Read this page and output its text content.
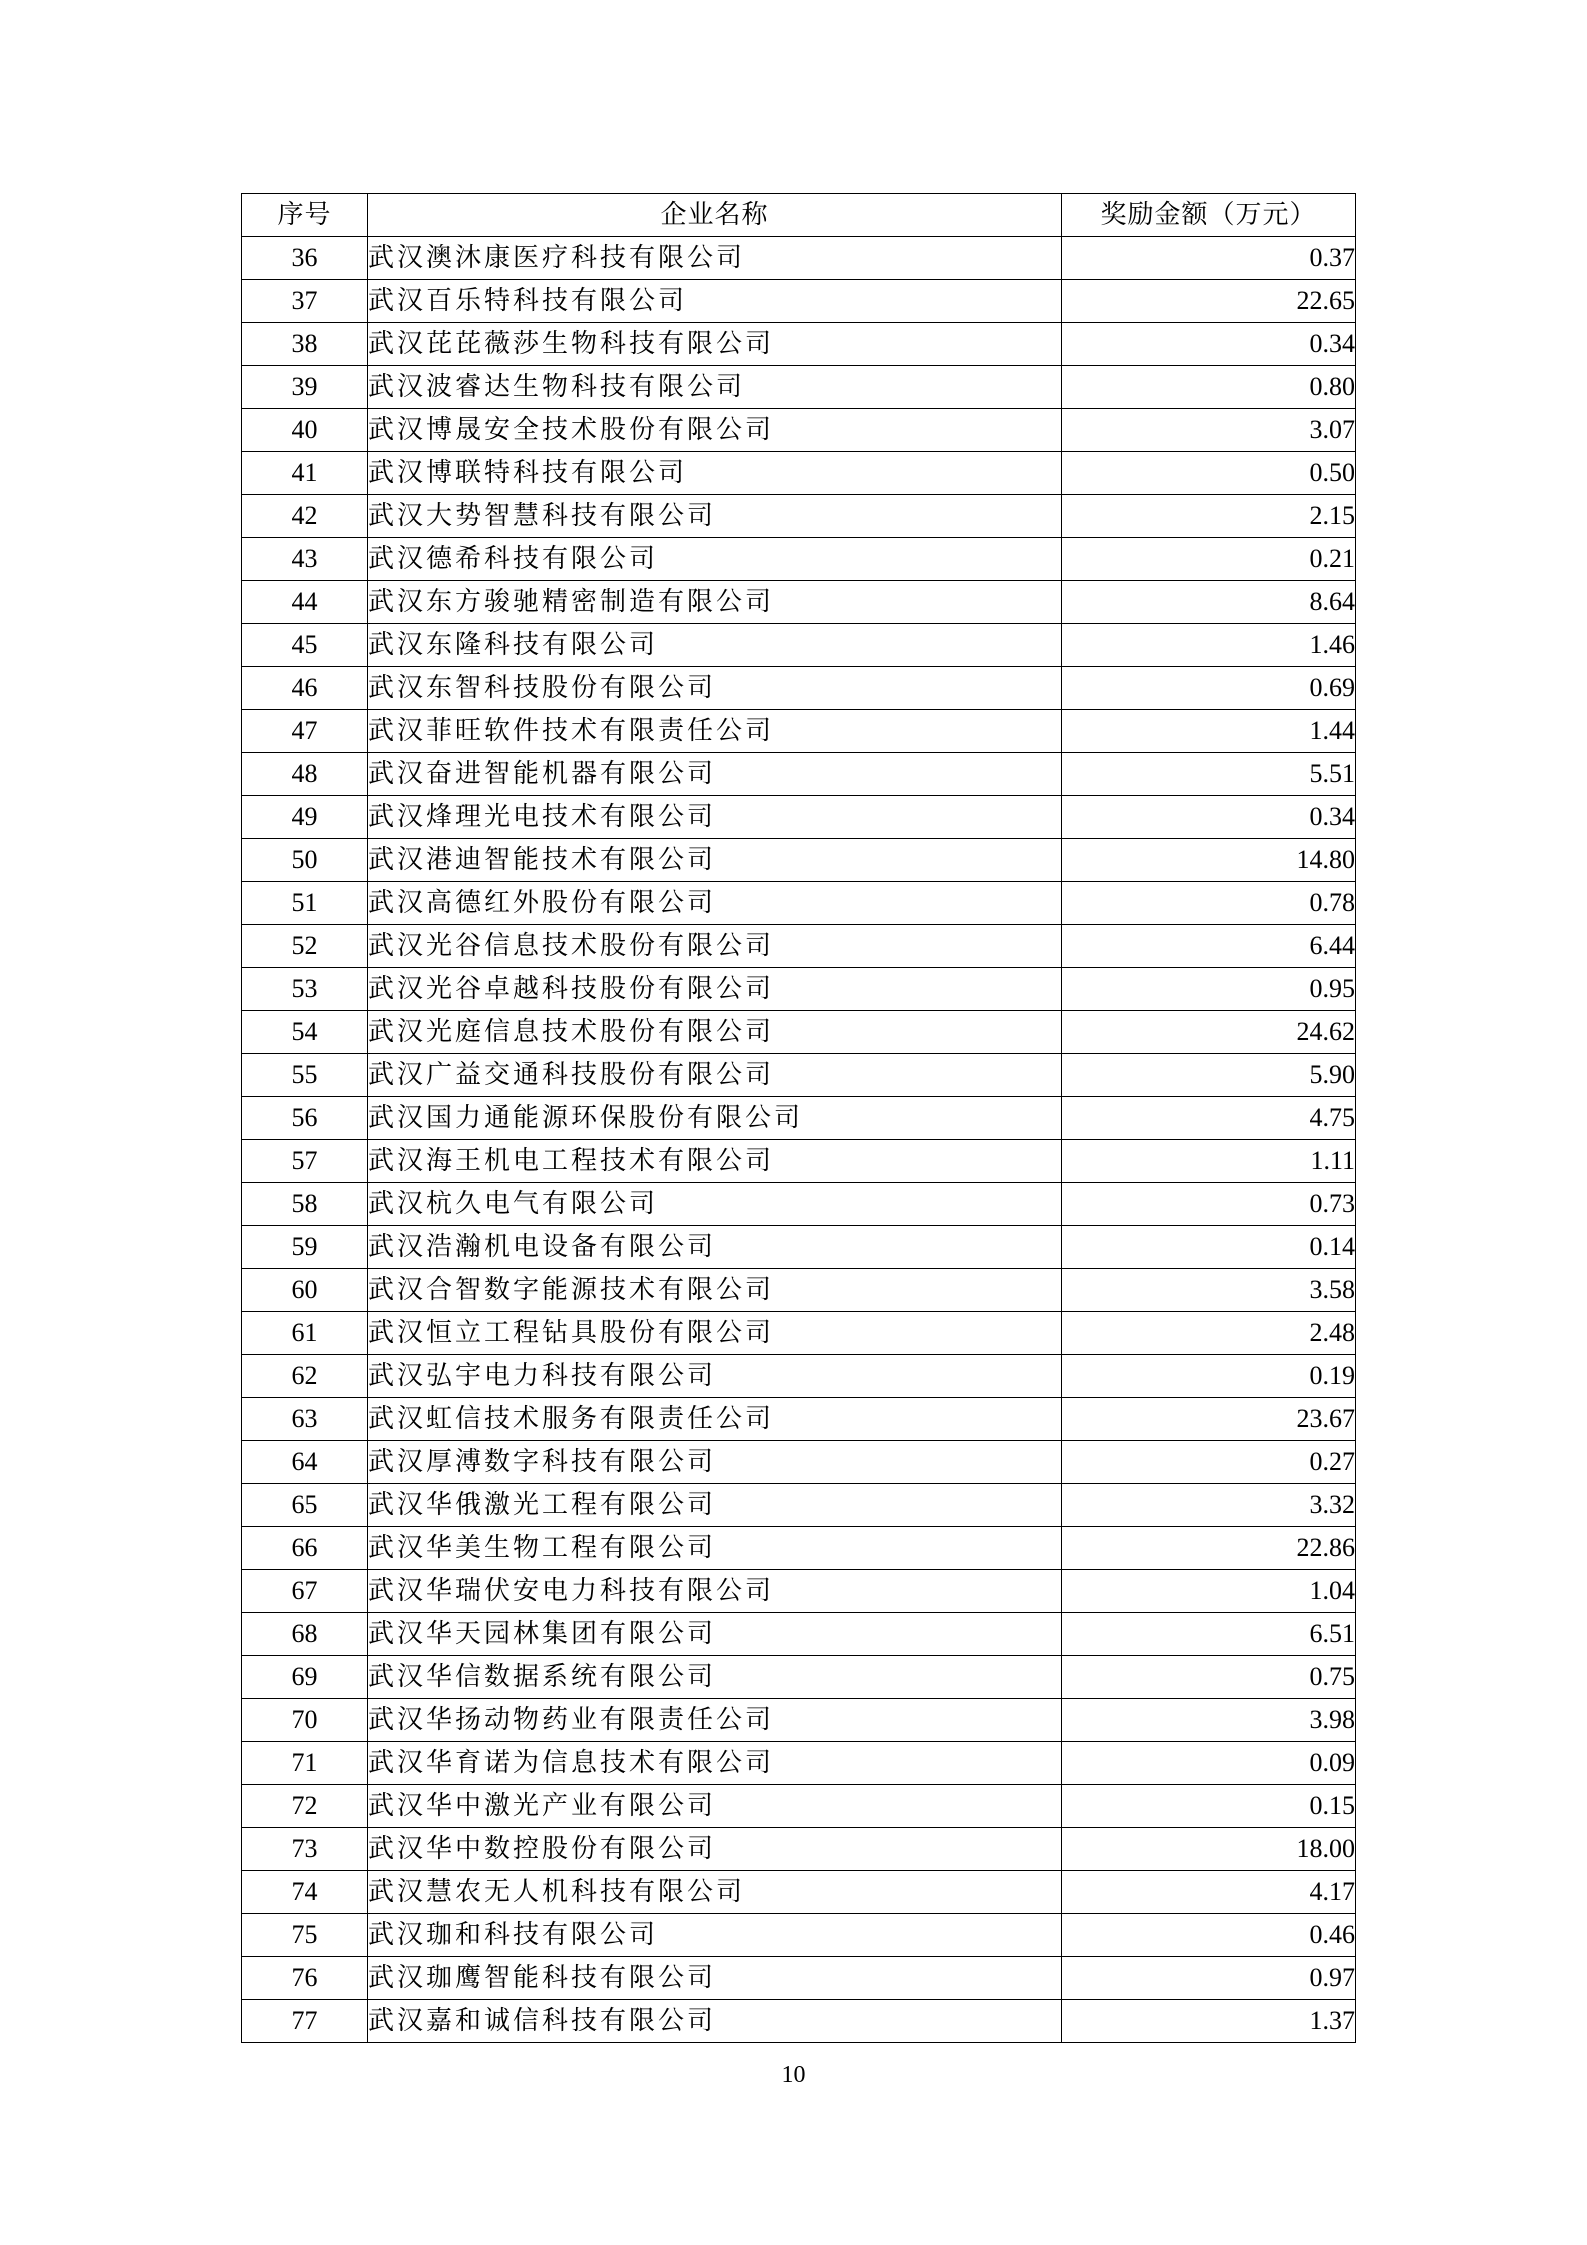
序号	企业名称	奖励金额（万元）
36	武汉澳沐康医疗科技有限公司	0.37
37	武汉百乐特科技有限公司	22.65
38	武汉芘芘薇莎生物科技有限公司	0.34
39	武汉波睿达生物科技有限公司	0.80
40	武汉博晟安全技术股份有限公司	3.07
41	武汉博联特科技有限公司	0.50
42	武汉大势智慧科技有限公司	2.15
43	武汉德希科技有限公司	0.21
44	武汉东方骏驰精密制造有限公司	8.64
45	武汉东隆科技有限公司	1.46
46	武汉东智科技股份有限公司	0.69
47	武汉菲旺软件技术有限责任公司	1.44
48	武汉奋进智能机器有限公司	5.51
49	武汉烽理光电技术有限公司	0.34
50	武汉港迪智能技术有限公司	14.80
51	武汉高德红外股份有限公司	0.78
52	武汉光谷信息技术股份有限公司	6.44
53	武汉光谷卓越科技股份有限公司	0.95
54	武汉光庭信息技术股份有限公司	24.62
55	武汉广益交通科技股份有限公司	5.90
56	武汉国力通能源环保股份有限公司	4.75
57	武汉海王机电工程技术有限公司	1.11
58	武汉杭久电气有限公司	0.73
59	武汉浩瀚机电设备有限公司	0.14
60	武汉合智数字能源技术有限公司	3.58
61	武汉恒立工程钻具股份有限公司	2.48
62	武汉弘宇电力科技有限公司	0.19
63	武汉虹信技术服务有限责任公司	23.67
64	武汉厚溥数字科技有限公司	0.27
65	武汉华俄激光工程有限公司	3.32
66	武汉华美生物工程有限公司	22.86
67	武汉华瑞伏安电力科技有限公司	1.04
68	武汉华天园林集团有限公司	6.51
69	武汉华信数据系统有限公司	0.75
70	武汉华扬动物药业有限责任公司	3.98
71	武汉华育诺为信息技术有限公司	0.09
72	武汉华中激光产业有限公司	0.15
73	武汉华中数控股份有限公司	18.00
74	武汉慧农无人机科技有限公司	4.17
75	武汉珈和科技有限公司	0.46
76	武汉珈鹰智能科技有限公司	0.97
77	武汉嘉和诚信科技有限公司	1.37
10
